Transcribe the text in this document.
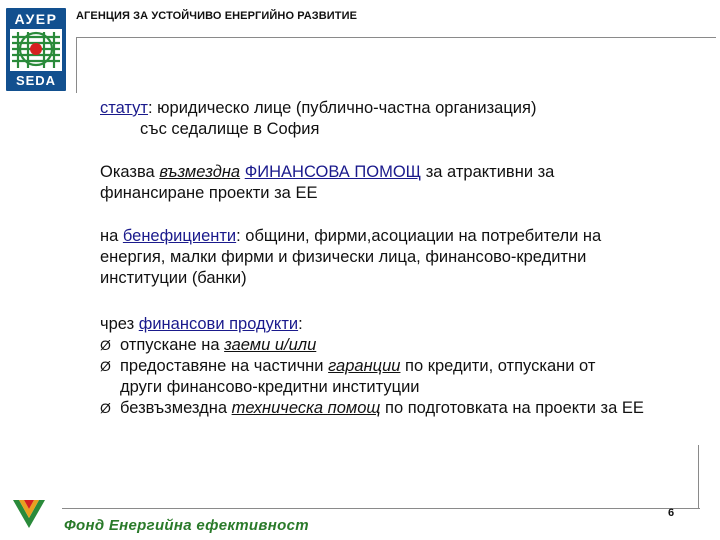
АУЕР
SEDA
АГЕНЦИЯ ЗА УСТОЙЧИВО ЕНЕРГИЙНО РАЗВИТИЕ

статут: юридическо лице (публично-частна организация)

със седалище в София

Оказва възмездна ФИНАНСОВА ПОМОЩ за атрактивни за

финансиране проекти за ЕЕ

на бенефициенти: общини, фирми,асоциации на потребители на

енергия, малки фирми и физически лица, финансово-кредитни

институции (банки)

чрез финансови продукти:

Ø отпускане на заеми и/или

Ø предоставяне на частични гаранции по кредити, отпускани от

други финансово-кредитни институции

Ø безвъзмездна техническа помощ по подготовката на проекти за ЕЕ

Фонд Енергийна ефективност
6
